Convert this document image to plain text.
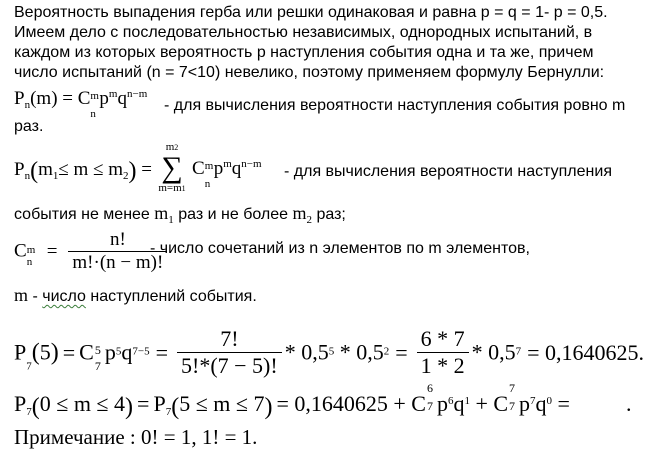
Вероятность выпадения герба или решки одинаковая и равна p = q = 1- p = 0,5.
Имеем дело с последовательностью независимых, однородных испытаний, в
каждом из которых вероятность p наступления события одна и та же, причем
число испытаний (n = 7<10) невелико, поэтому применяем формулу Бернулли:
$P_n(m) = C$ m
n
$p^mq^{n-m}$
- для вычисления вероятности наступления события ровно m
раз.
$P_n(m_1\le m \le m_2)$ =
m2
∑
m=m1
C m
n
$p^mq^{n-m}$ - для вычисления вероятности наступления
события не менее $m_1$ раз и не более $m_2$ раз;
C m
$n = \frac{n!}{m!\cdot(n - m)!}$
- число сочетаний из n элементов по m элементов,
m - число наступлений события.
$P_7(5) = C$ 5
7
$p^5q^{7-5} = \frac{7!}{5!*(7 - 5)!} * 0,5^5 * 0,5^2 = \frac{6 * 7}{1 * 2} * 0,5^7 = 0,1640625$.
$P_7(0 \le m \le 4) = P_7(5 \le m \le 7) = 0,1640625 + C$
6
7 $p^6q^1 + C$
7
7 $p^7q^0$ =	.
Примечание : 0! = 1, 1! = 1.
